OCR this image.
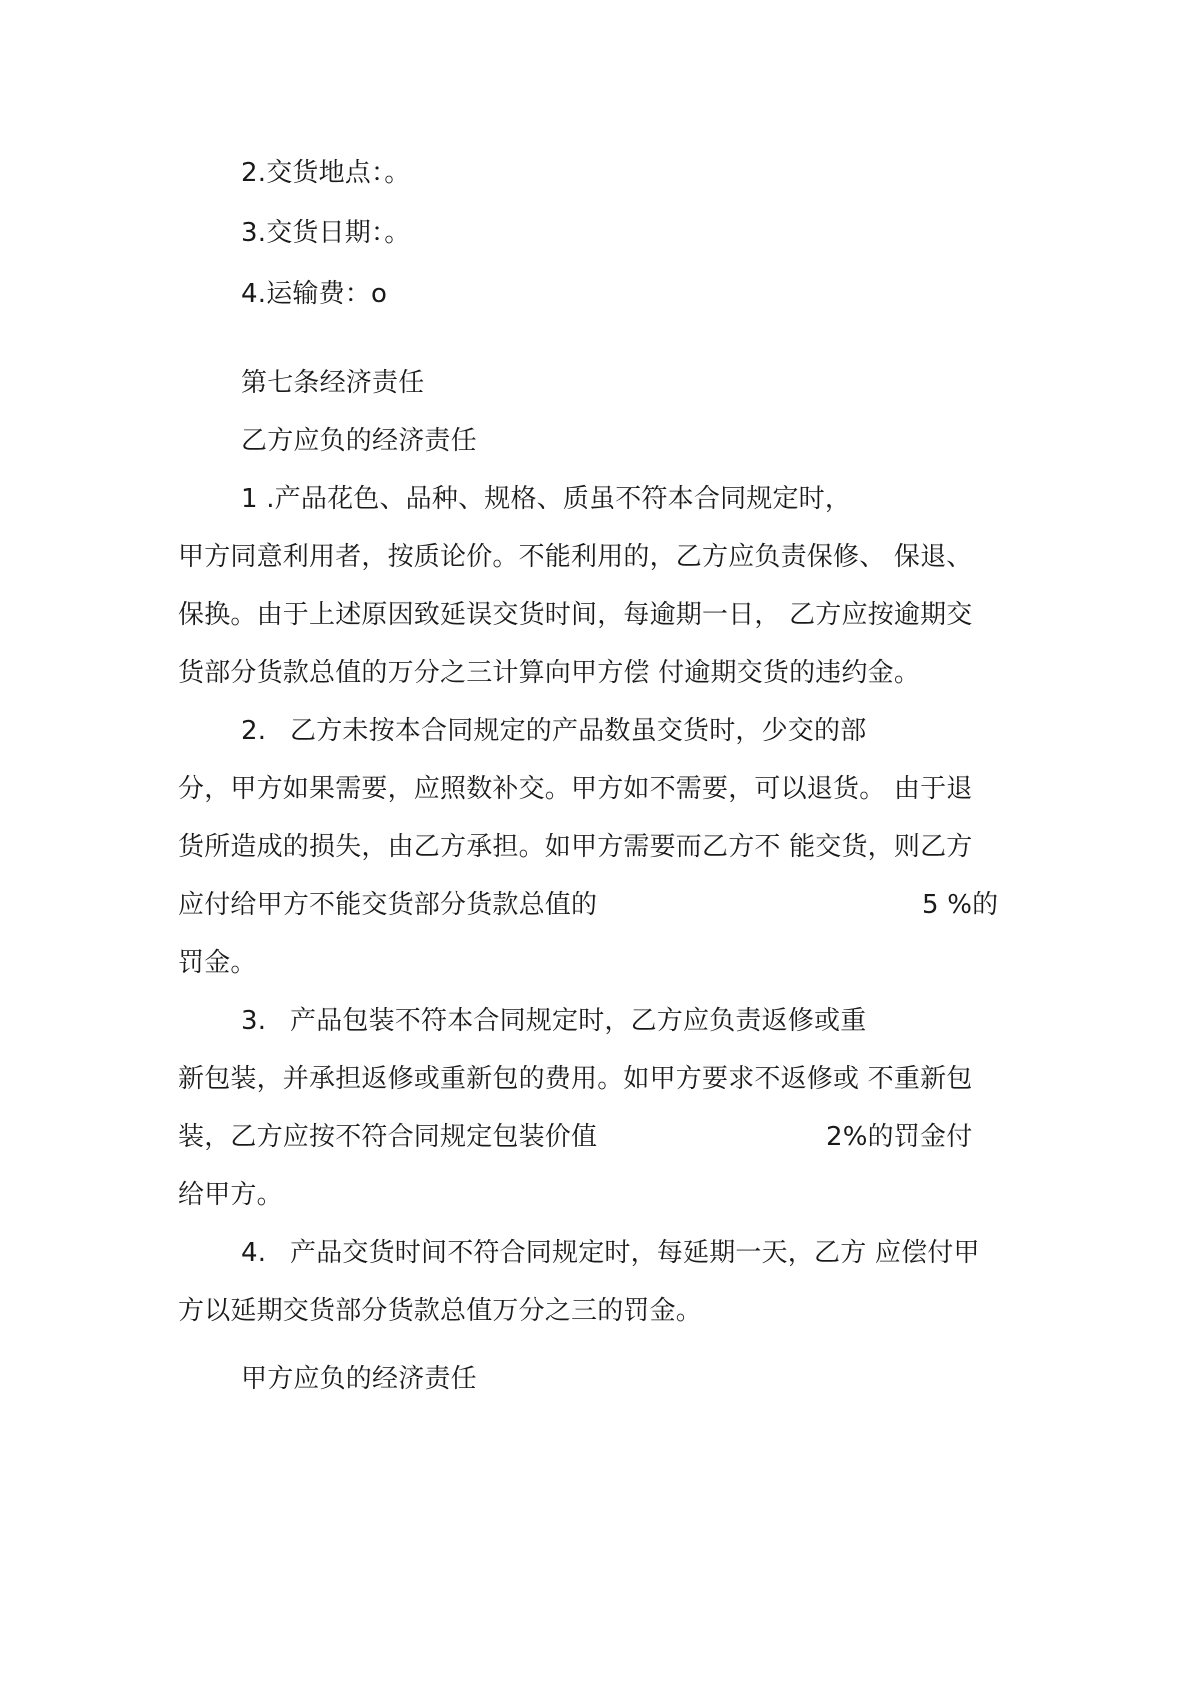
2.交货地点：。
3.交货日期：。
4.运输费：o
第七条经济责任
乙方应负的经济责任
1 .产品花色、品种、规格、质虽不符本合同规定时，
甲方同意利用者，按质论价。不能利用的，乙方应负责保修、 保退、
保换。由于上述原因致延误交货时间，每逾期一日， 乙方应按逾期交
货部分货款总值的万分之三计算向甲方偿 付逾期交货的违约金。
2. 乙方未按本合同规定的产品数虽交货时，少交的部
分，甲方如果需要，应照数补交。甲方如不需要，可以退货。 由于退
货所造成的损失，由乙方承担。如甲方需要而乙方不 能交货，则乙方
应付给甲方不能交货部分货款总值的	5 %的
罚金。
3. 产品包装不符本合同规定时，乙方应负责返修或重
新包装，并承担返修或重新包的费用。如甲方要求不返修或 不重新包
装，乙方应按不符合同规定包装价值	2%的罚金付
给甲方。
4. 产品交货时间不符合同规定时，每延期一天，乙方 应偿付甲
方以延期交货部分货款总值万分之三的罚金。
甲方应负的经济责任
